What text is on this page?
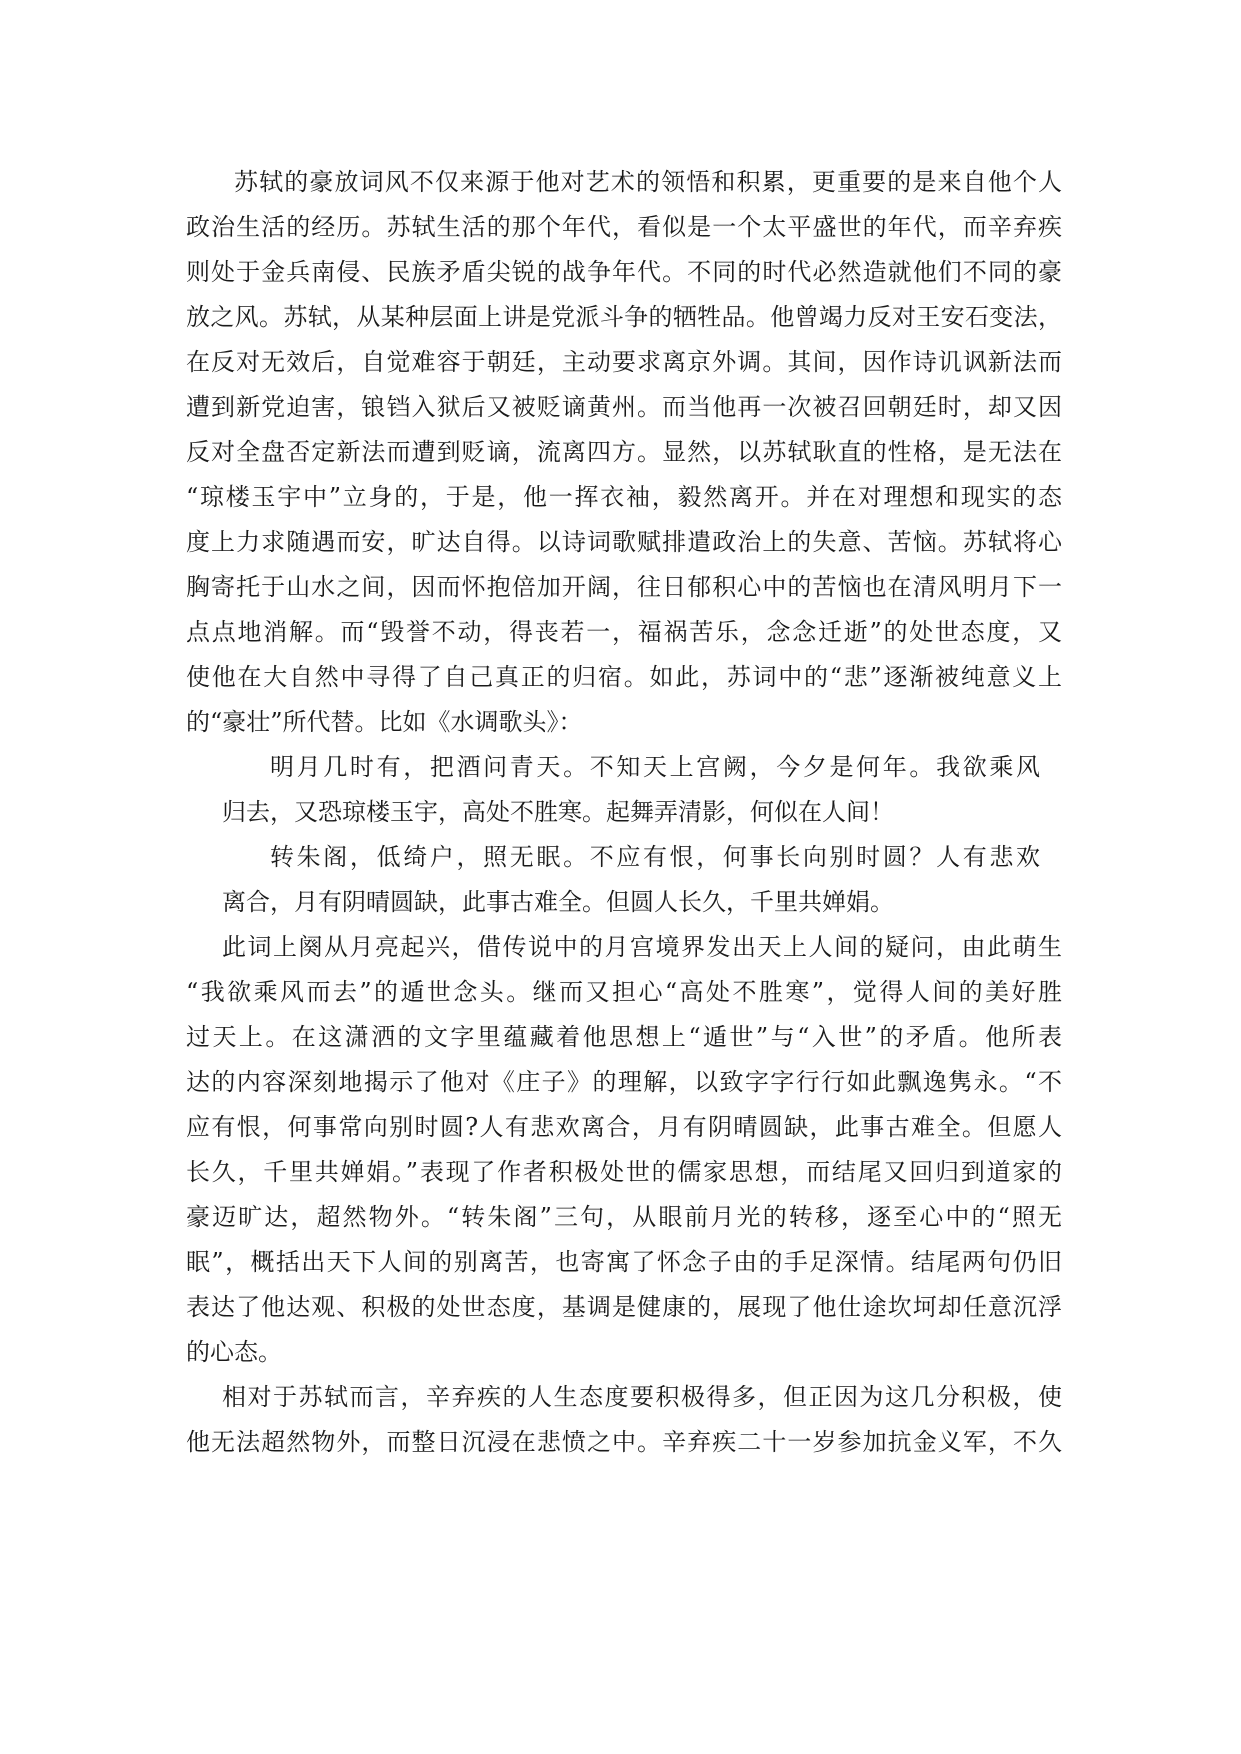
苏轼的豪放词风不仅来源于他对艺术的领悟和积累，更重要的是来自他个人
政治生活的经历。苏轼生活的那个年代，看似是一个太平盛世的年代，而辛弃疾
则处于金兵南侵、民族矛盾尖锐的战争年代。不同的时代必然造就他们不同的豪
放之风。苏轼，从某种层面上讲是党派斗争的牺牲品。他曾竭力反对王安石变法，
在反对无效后，自觉难容于朝廷，主动要求离京外调。其间，因作诗讥讽新法而
遭到新党迫害，锒铛入狱后又被贬谪黄州。而当他再一次被召回朝廷时，却又因
反对全盘否定新法而遭到贬谪，流离四方。显然，以苏轼耿直的性格，是无法在
“琼楼玉宇中”立身的，于是，他一挥衣袖，毅然离开。并在对理想和现实的态
度上力求随遇而安，旷达自得。以诗词歌赋排遣政治上的失意、苦恼。苏轼将心
胸寄托于山水之间，因而怀抱倍加开阔，往日郁积心中的苦恼也在清风明月下一
点点地消解。而“毁誉不动，得丧若一，福祸苦乐，念念迁逝”的处世态度，又
使他在大自然中寻得了自己真正的归宿。如此，苏词中的“悲”逐渐被纯意义上
的“豪壮”所代替。比如《水调歌头》：
明月几时有，把酒问青天。不知天上宫阙，今夕是何年。我欲乘风
归去，又恐琼楼玉宇，高处不胜寒。起舞弄清影，何似在人间！
转朱阁，低绮户，照无眠。不应有恨，何事长向别时圆？人有悲欢
离合，月有阴晴圆缺，此事古难全。但圆人长久，千里共婵娟。
此词上阕从月亮起兴，借传说中的月宫境界发出天上人间的疑问，由此萌生
“我欲乘风而去”的遁世念头。继而又担心“高处不胜寒”，觉得人间的美好胜
过天上。在这潇洒的文字里蕴藏着他思想上“遁世”与“入世”的矛盾。他所表
达的内容深刻地揭示了他对《庄子》的理解，以致字字行行如此飘逸隽永。“不
应有恨，何事常向别时圆?人有悲欢离合，月有阴晴圆缺，此事古难全。但愿人
长久，千里共婵娟。”表现了作者积极处世的儒家思想，而结尾又回归到道家的
豪迈旷达，超然物外。“转朱阁”三句，从眼前月光的转移，逐至心中的“照无
眠”，概括出天下人间的别离苦，也寄寓了怀念子由的手足深情。结尾两句仍旧
表达了他达观、积极的处世态度，基调是健康的，展现了他仕途坎坷却任意沉浮
的心态。
相对于苏轼而言，辛弃疾的人生态度要积极得多，但正因为这几分积极，使
他无法超然物外，而整日沉浸在悲愤之中。辛弃疾二十一岁参加抗金义军，不久
